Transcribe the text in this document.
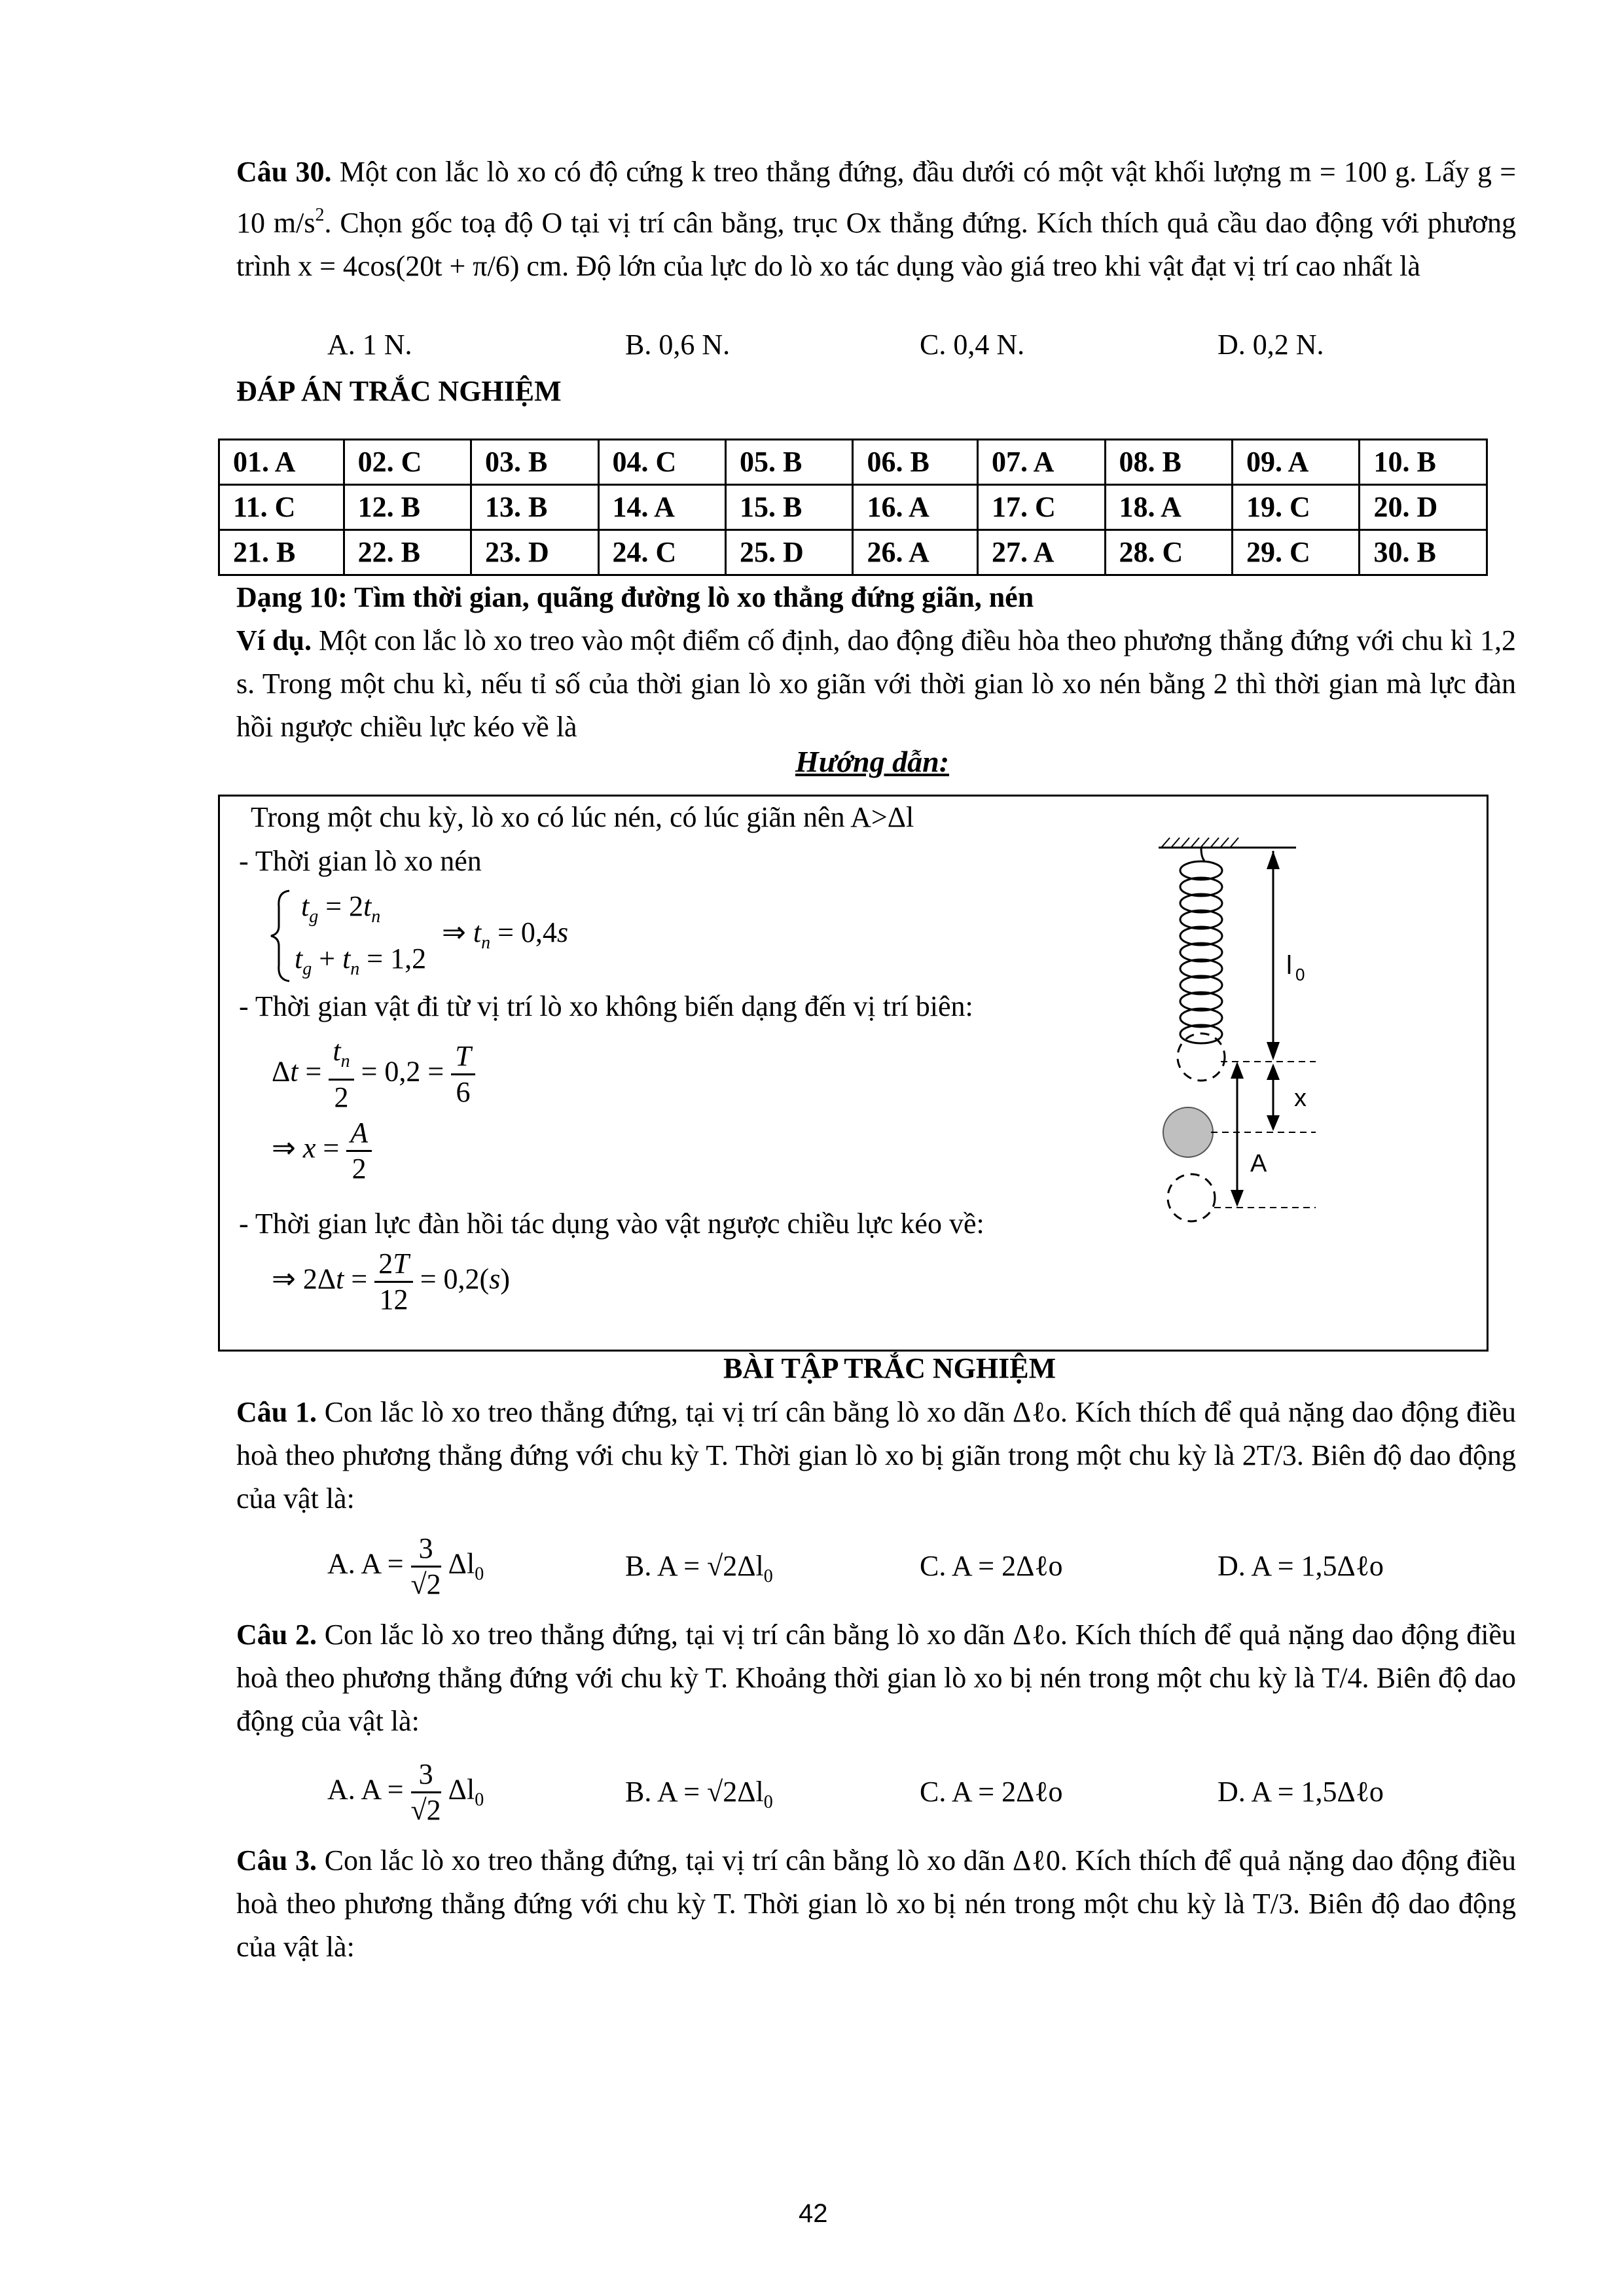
Câu 30. Một con lắc lò xo có độ cứng k treo thẳng đứng, đầu dưới có một vật khối lượng m = 100 g. Lấy g = 10 $m/s^2$. Chọn gốc toạ độ O tại vị trí cân bằng, trục Ox thẳng đứng. Kích thích quả cầu dao động với phương trình x = 4cos(20t + π/6) cm. Độ lớn của lực do lò xo tác dụng vào giá treo khi vật đạt vị trí cao nhất là
A. 1 N.	B. 0,6 N.	C. 0,4 N.	D. 0,2 N.
ĐÁP ÁN TRẮC NGHIỆM
01. A	02. C	03. B	04. C	05. B	06. B	07. A	08. B	09. A	10. B
11. C	12. B	13. B	14. A	15. B	16. A	17. C	18. A	19. C	20. D
21. B	22. B	23. D	24. C	25. D	26. A	27. A	28. C	29. C	30. B
Dạng 10: Tìm thời gian, quãng đường lò xo thẳng đứng giãn, nén
Ví dụ. Một con lắc lò xo treo vào một điểm cố định, dao động điều hòa theo phương thẳng đứng với chu kì 1,2 s. Trong một chu kì, nếu tỉ số của thời gian lò xo giãn với thời gian lò xo nén bằng 2 thì thời gian mà lực đàn hồi ngược chiều lực kéo về là
Hướng dẫn:
Trong một chu kỳ, lò xo có lúc nén, có lúc giãn nên A>Δl
- Thời gian lò xo nén
$t_g = 2t_n$
$t_g + t_n = 1,2$
⇒ $t_n = 0,4s$
- Thời gian vật đi từ vị trí lò xo không biến dạng đến vị trí biên:
$\Delta t = \frac{t_n}{2} = 0,2 = \frac{T}{6}$
⇒ $x = \frac{A}{2}$
- Thời gian lực đàn hồi tác dụng vào vật ngược chiều lực kéo về:
⇒ $2\Delta t = \frac{2T}{12} = 0,2(s)$
l 0
x
A
BÀI TẬP TRẮC NGHIỆM
Câu 1. Con lắc lò xo treo thẳng đứng, tại vị trí cân bằng lò xo dãn Δℓo. Kích thích để quả nặng dao động điều hoà theo phương thẳng đứng với chu kỳ T. Thời gian lò xo bị giãn trong một chu kỳ là 2T/3. Biên độ dao động của vật là:
A. $A = \frac{3}{√2} \Delta l_0$	B. $A = √2\Delta l_0$	C. A = 2Δℓo	D. A = 1,5Δℓo
Câu 2. Con lắc lò xo treo thẳng đứng, tại vị trí cân bằng lò xo dãn Δℓo. Kích thích để quả nặng dao động điều hoà theo phương thẳng đứng với chu kỳ T. Khoảng thời gian lò xo bị nén trong một chu kỳ là T/4. Biên độ dao động của vật là:
A. $A = \frac{3}{√2} \Delta l_0$	B. $A = √2\Delta l_0$	C. A = 2Δℓo	D. A = 1,5Δℓo
Câu 3. Con lắc lò xo treo thẳng đứng, tại vị trí cân bằng lò xo dãn Δℓ0. Kích thích để quả nặng dao động điều hoà theo phương thẳng đứng với chu kỳ T. Thời gian lò xo bị nén trong một chu kỳ là T/3. Biên độ dao động của vật là:
42
